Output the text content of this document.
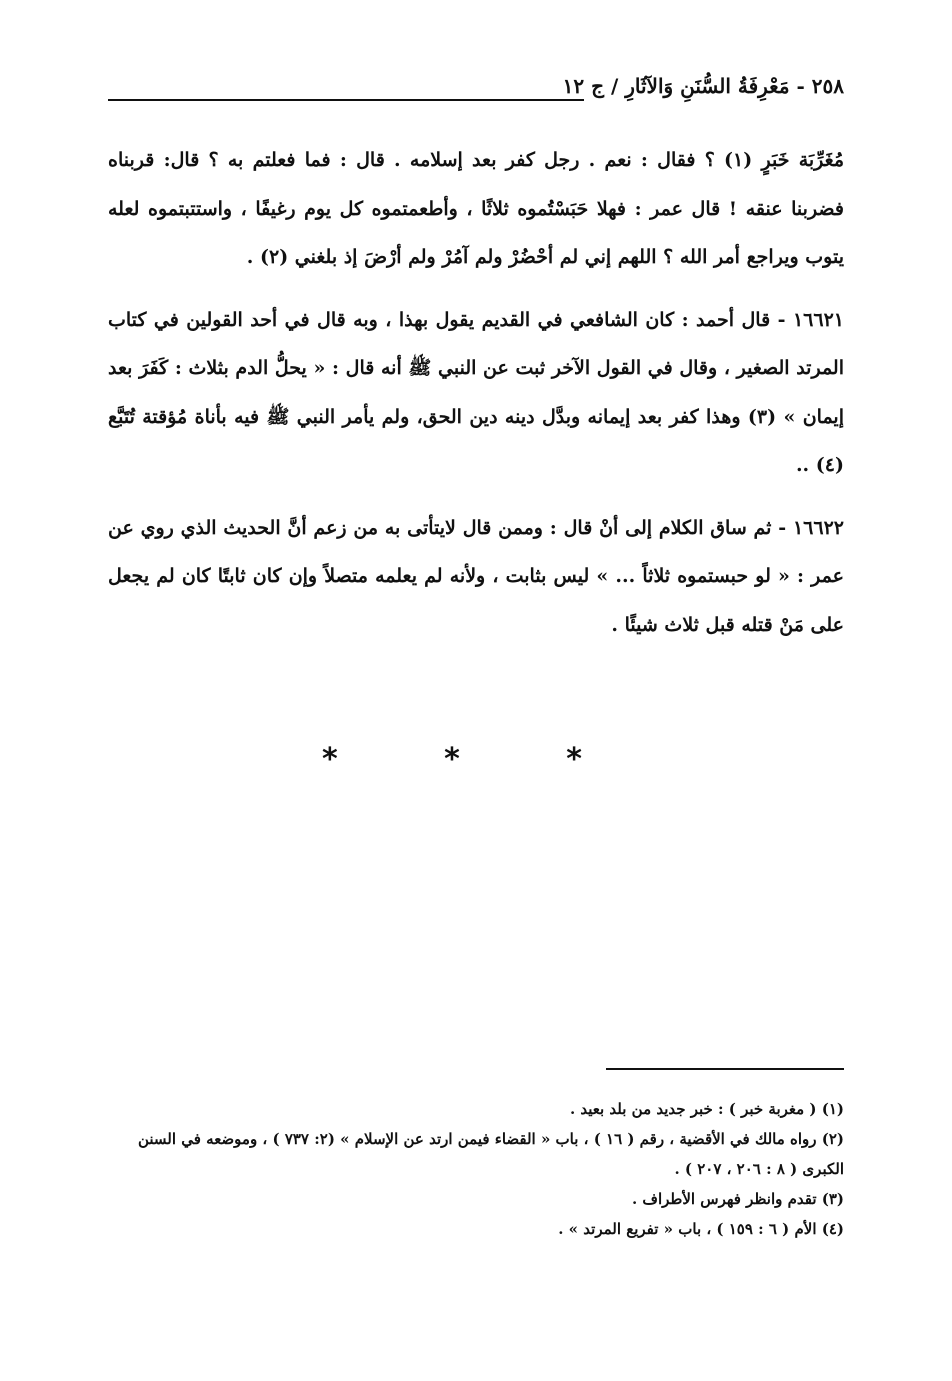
٢٥٨ - مَعْرِفَةُ السُّنَنِ وَالآثَارِ / ج ١٢

مُغَرِّبَة خَبَرٍ (١) ؟ فقال : نعم . رجل كفر بعد إسلامه . قال : فما فعلتم به ؟ قال: قربناه فضربنا عنقه ! قال عمر : فهلا حَبَسْتُموه ثلاثًا ، وأطعمتموه كل يوم رغيفًا ، واستتبتموه لعله يتوب ويراجع أمر الله ؟ اللهم إني لم أحْضُرْ ولم آمُرْ ولم أرْضَ إذ بلغني (٢) .

١٦٦٢١ - قال أحمد : كان الشافعي في القديم يقول بهذا ، وبه قال في أحد القولين في كتاب المرتد الصغير ، وقال في القول الآخر ثبت عن النبي ﷺ أنه قال : « يحلُّ الدم بثلاث : كَفَرَ بعد إيمان » (٣) وهذا كفر بعد إيمانه وبدَّل دينه دين الحق، ولم يأمر النبي ﷺ فيه بأناة مُؤقتة تُتَبَّع (٤) ..

١٦٦٢٢ - ثم ساق الكلام إلى أنْ قال : وممن قال لايتأتى به من زعم أنَّ الحديث الذي روي عن عمر : « لو حبستموه ثلاثاً ... » ليس بثابت ، ولأنه لم يعلمه متصلاً وإن كان ثابتًا كان لم يجعل على مَنْ قتله قبل ثلاث شيئًا .

* * *

(١) ( مغربة خبر ) : خبر جديد من بلد بعيد .

(٢) رواه مالك في الأقضية ، رقم ( ١٦ ) ، باب « القضاء فيمن ارتد عن الإسلام » (٢: ٧٣٧ ) ، وموضعه في السنن الكبرى ( ٨ : ٢٠٦ ، ٢٠٧ ) .

(٣) تقدم وانظر فهرس الأطراف .

(٤) الأم ( ٦ : ١٥٩ ) ، باب « تفريع المرتد » .
